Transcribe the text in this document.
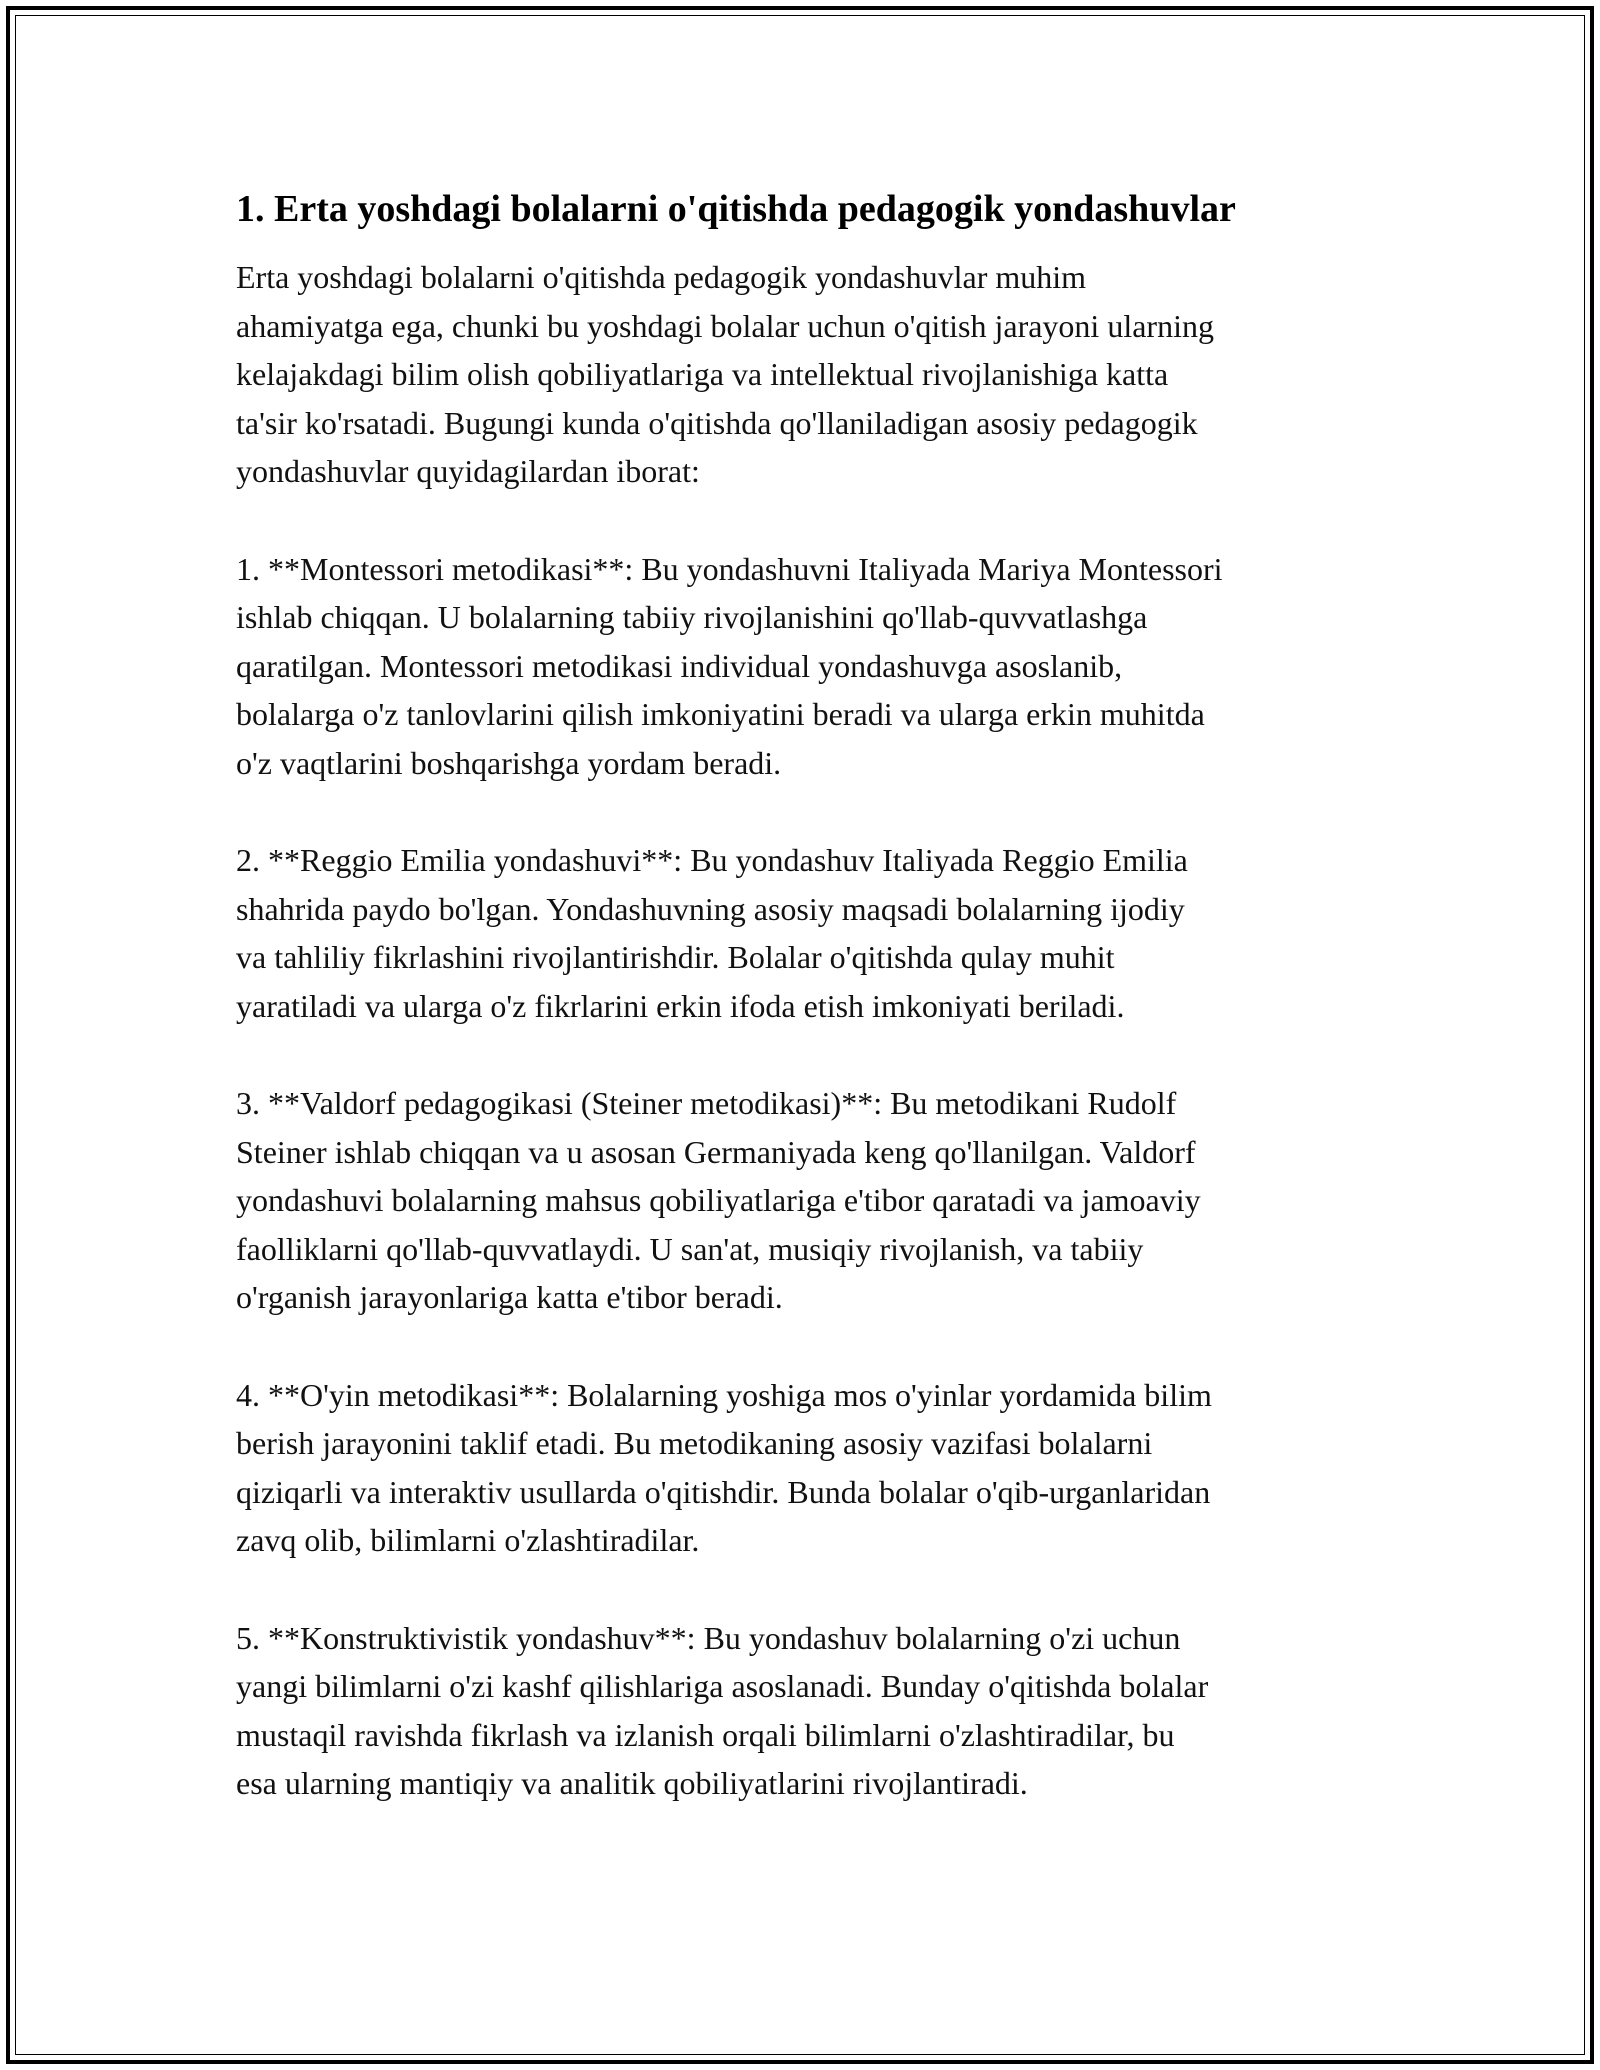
1. Erta yoshdagi bolalarni o'qitishda pedagogik yondashuvlar
Erta yoshdagi bolalarni o'qitishda pedagogik yondashuvlar muhim
ahamiyatga ega, chunki bu yoshdagi bolalar uchun o'qitish jarayoni ularning
kelajakdagi bilim olish qobiliyatlariga va intellektual rivojlanishiga katta
ta'sir ko'rsatadi. Bugungi kunda o'qitishda qo'llaniladigan asosiy pedagogik
yondashuvlar quyidagilardan iborat:
1. **Montessori metodikasi**: Bu yondashuvni Italiyada Mariya Montessori
ishlab chiqqan. U bolalarning tabiiy rivojlanishini qo'llab-quvvatlashga
qaratilgan. Montessori metodikasi individual yondashuvga asoslanib,
bolalarga o'z tanlovlarini qilish imkoniyatini beradi va ularga erkin muhitda
o'z vaqtlarini boshqarishga yordam beradi.
2. **Reggio Emilia yondashuvi**: Bu yondashuv Italiyada Reggio Emilia
shahrida paydo bo'lgan. Yondashuvning asosiy maqsadi bolalarning ijodiy
va tahliliy fikrlashini rivojlantirishdir. Bolalar o'qitishda qulay muhit
yaratiladi va ularga o'z fikrlarini erkin ifoda etish imkoniyati beriladi.
3. **Valdorf pedagogikasi (Steiner metodikasi)**: Bu metodikani Rudolf
Steiner ishlab chiqqan va u asosan Germaniyada keng qo'llanilgan. Valdorf
yondashuvi bolalarning mahsus qobiliyatlariga e'tibor qaratadi va jamoaviy
faolliklarni qo'llab-quvvatlaydi. U san'at, musiqiy rivojlanish, va tabiiy
o'rganish jarayonlariga katta e'tibor beradi.
4. **O'yin metodikasi**: Bolalarning yoshiga mos o'yinlar yordamida bilim
berish jarayonini taklif etadi. Bu metodikaning asosiy vazifasi bolalarni
qiziqarli va interaktiv usullarda o'qitishdir. Bunda bolalar o'qib-urganlaridan
zavq olib, bilimlarni o'zlashtiradilar.
5. **Konstruktivistik yondashuv**: Bu yondashuv bolalarning o'zi uchun
yangi bilimlarni o'zi kashf qilishlariga asoslanadi. Bunday o'qitishda bolalar
mustaqil ravishda fikrlash va izlanish orqali bilimlarni o'zlashtiradilar, bu
esa ularning mantiqiy va analitik qobiliyatlarini rivojlantiradi.
